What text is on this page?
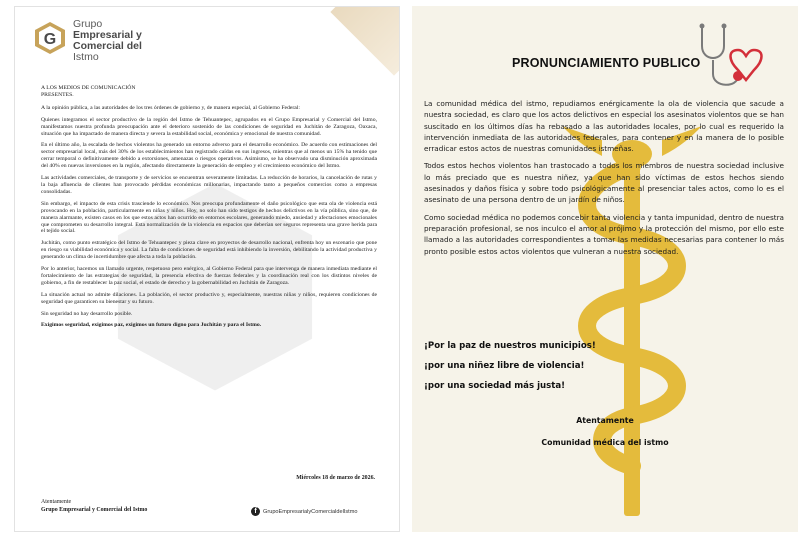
G
Grupo
Empresarial y
Comercial del
Istmo

A LOS MEDIOS DE COMUNICACIÓN
PRESENTES.

A la opinión pública, a las autoridades de los tres órdenes de gobierno y, de manera especial, al Gobierno Federal:

Quienes integramos el sector productivo de la región del Istmo de Tehuantepec, agrupados en el Grupo Empresarial y Comercial del Istmo, manifestamos nuestra profunda preocupación ante el deterioro sostenido de las condiciones de seguridad en Juchitán de Zaragoza, Oaxaca, situación que ha impactado de manera directa y severa la estabilidad social, económica y emocional de nuestra comunidad.

En el último año, la escalada de hechos violentos ha generado un entorno adverso para el desarrollo económico. De acuerdo con estimaciones del sector empresarial local, más del 30% de los establecimientos han registrado caídas en sus ingresos, mientras que al menos un 15% ha tenido que cerrar temporal o definitivamente debido a extorsiones, amenazas o riesgos operativos. Asimismo, se ha observado una disminución aproximada del 40% en nuevas inversiones en la región, afectando directamente la generación de empleo y el crecimiento económico del Istmo.

Las actividades comerciales, de transporte y de servicios se encuentran severamente limitadas. La reducción de horarios, la cancelación de rutas y la baja afluencia de clientes han provocado pérdidas económicas millonarias, impactando tanto a pequeños comercios como a empresas consolidadas.

Sin embargo, el impacto de esta crisis trasciende lo económico. Nos preocupa profundamente el daño psicológico que esta ola de violencia está provocando en la población, particularmente en niñas y niños. Hoy, no solo han sido testigos de hechos delictivos en la vía pública, sino que, de manera alarmante, existen casos en los que estos actos han ocurrido en entornos escolares, generando miedo, ansiedad y afectaciones emocionales que comprometen su desarrollo integral. Esta normalización de la violencia en espacios que deberían ser seguros representa una grave herida para el tejido social.

Juchitán, como punto estratégico del Istmo de Tehuantepec y pieza clave en proyectos de desarrollo nacional, enfrenta hoy un escenario que pone en riesgo su viabilidad económica y social. La falta de condiciones de seguridad está inhibiendo la inversión, debilitando la actividad productiva y generando un clima de incertidumbre que afecta a toda la población.

Por lo anterior, hacemos un llamado urgente, respetuoso pero enérgico, al Gobierno Federal para que intervenga de manera inmediata mediante el fortalecimiento de las estrategias de seguridad, la presencia efectiva de fuerzas federales y la coordinación real con los distintos niveles de gobierno, a fin de restablecer la paz social, el estado de derecho y la gobernabilidad en Juchitán de Zaragoza.

La situación actual no admite dilaciones. La población, el sector productivo y, especialmente, nuestras niñas y niños, requieren condiciones de seguridad que garanticen su bienestar y su futuro.

Sin seguridad no hay desarrollo posible.

Exigimos seguridad, exigimos paz, exigimos un futuro digno para Juchitán y para el Istmo.

Miércoles 18 de marzo de 2026.
Atentamente
Grupo Empresarial y Comercial del Istmo	f	GrupoEmpresarialyComercialdelIstmo
PRONUNCIAMIENTO PUBLICO

La comunidad médica del istmo, repudiamos enérgicamente la ola de violencia que sacude a nuestra sociedad, es claro que los actos delictivos en especial los asesinatos violentos que se han suscitado en los últimos días ha rebasado a las autoridades locales, por lo cual es requerido la intervención inmediata de las autoridades federales, para contener y en la manera de lo posible erradicar estos actos de nuestras comunidades istmeñas.

Todos estos hechos violentos han trastocado a todos los miembros de nuestra sociedad inclusive lo más preciado que es nuestra niñez, ya que han sido víctimas de estos hechos siendo asesinados y daños física y sobre todo psicológicamente al presenciar tales actos, como lo es el asesinato de una persona dentro de un jardín de niños.

Como sociedad médica no podemos concebir tanta violencia y tanta impunidad, dentro de nuestra preparación profesional, se nos inculco el amor al prójimo y la protección del mismo, por ello este llamado a las autoridades correspondientes a tomar las medidas necesarias para contener lo más pronto posible estos actos violentos que vulneran a nuestra sociedad.

¡Por la paz de nuestros municipios!
¡por una niñez libre de violencia!
¡por una sociedad más justa!
Atentamente
Comunidad médica del istmo
